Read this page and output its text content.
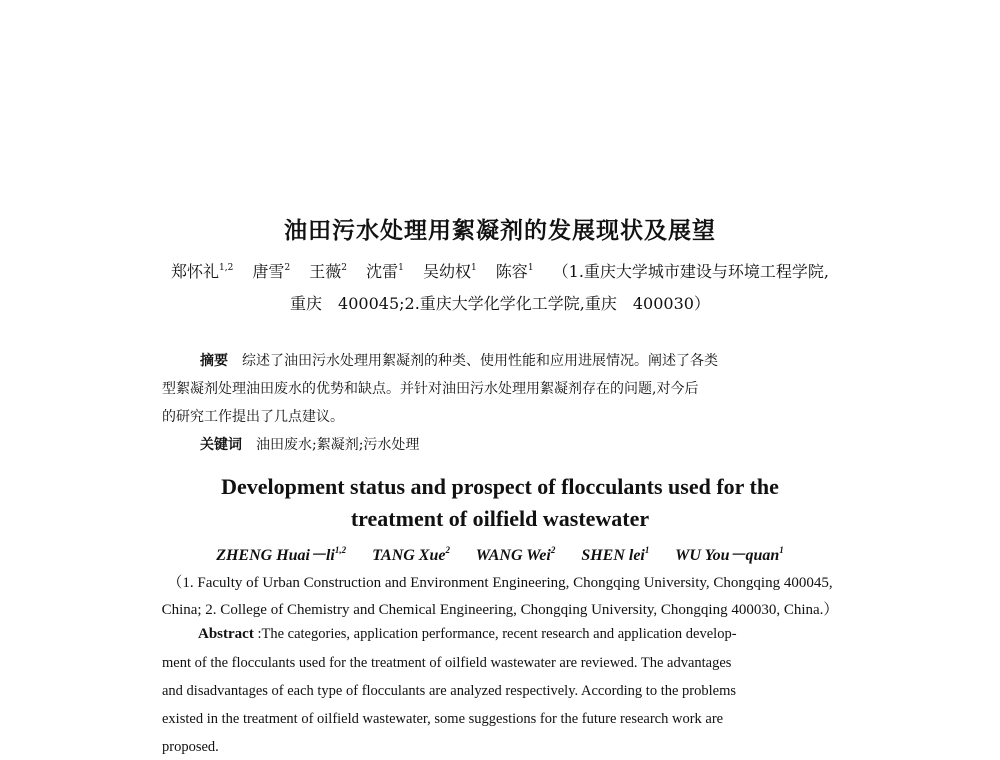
油田污水处理用絮凝剂的发展现状及展望
郑怀礼$^{1,2}$ 唐雪$^2$ 王薇$^2$ 沈雷$^1$ 吴幼权$^1$ 陈容$^1$ （1.重庆大学城市建设与环境工程学院,
重庆　400045;2.重庆大学化学化工学院,重庆　400030）
摘要 综述了油田污水处理用絮凝剂的种类、使用性能和应用进展情况。阐述了各类
型絮凝剂处理油田废水的优势和缺点。并针对油田污水处理用絮凝剂存在的问题,对今后
的研究工作提出了几点建议。
关键词 油田废水;絮凝剂;污水处理
Development status and prospect of flocculants used for the
treatment of oilfield wastewater
ZHENG Huai－li$^{1,2}$ TANG Xue$^2$ WANG Wei$^2$ SHEN lei$^1$ WU You－quan$^1$
（1. Faculty of Urban Construction and Environment Engineering, Chongqing University, Chongqing 400045,
China; 2. College of Chemistry and Chemical Engineering, Chongqing University, Chongqing 400030, China.）
Abstract :The categories, application performance, recent research and application develop-
ment of the flocculants used for the treatment of oilfield wastewater are reviewed. The advantages
and disadvantages of each type of flocculants are analyzed respectively. According to the problems
existed in the treatment of oilfield wastewater, some suggestions for the future research work are
proposed.
